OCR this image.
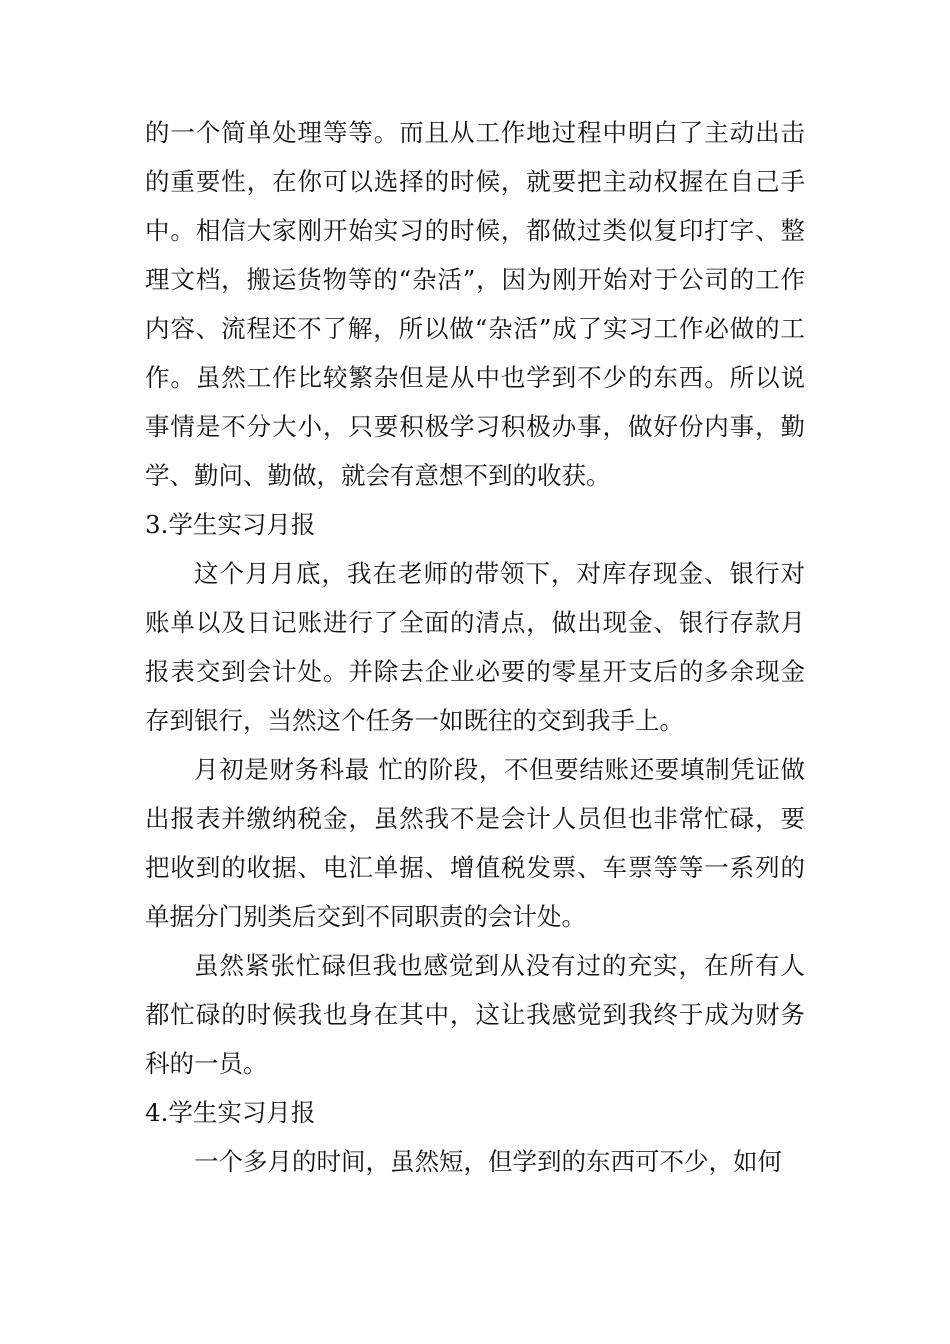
的一个简单处理等等。而且从工作地过程中明白了主动出击的重要性，在你可以选择的时候，就要把主动权握在自己手中。相信大家刚开始实习的时候，都做过类似复印打字、整理文档，搬运货物等的“杂活”，因为刚开始对于公司的工作内容、流程还不了解，所以做“杂活”成了实习工作必做的工作。虽然工作比较繁杂但是从中也学到不少的东西。所以说事情是不分大小，只要积极学习积极办事，做好份内事，勤学、勤问、勤做，就会有意想不到的收获。

3.学生实习月报

这个月月底，我在老师的带领下，对库存现金、银行对账单以及日记账进行了全面的清点，做出现金、银行存款月报表交到会计处。并除去企业必要的零星开支后的多余现金存到银行，当然这个任务一如既往的交到我手上。

月初是财务科最 忙的阶段，不但要结账还要填制凭证做出报表并缴纳税金，虽然我不是会计人员但也非常忙碌，要把收到的收据、电汇单据、增值税发票、车票等等一系列的单据分门别类后交到不同职责的会计处。

虽然紧张忙碌但我也感觉到从没有过的充实，在所有人都忙碌的时候我也身在其中，这让我感觉到我终于成为财务科的一员。

4.学生实习月报

一个多月的时间，虽然短，但学到的东西可不少，如何
